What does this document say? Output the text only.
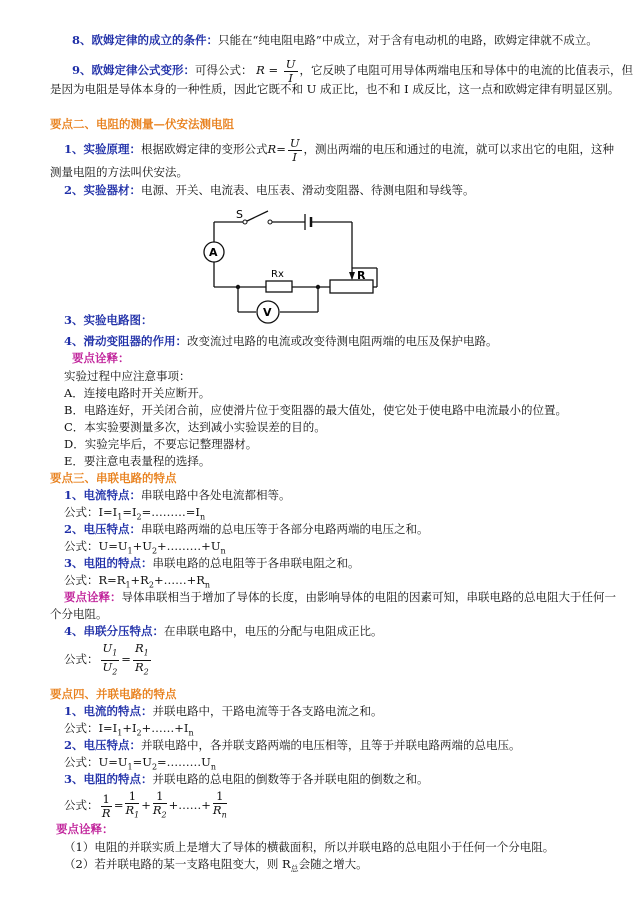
8、欧姆定律的成立的条件：只能在“纯电阻电路”中成立，对于含有电动机的电路，欧姆定律就不成立。
9、欧姆定律公式变形：可得公式： $R = \frac{U}{I}$ ，它反映了电阻可用导体两端电压和导体中的电流的比值表示，但
是因为电阻是导体本身的一种性质，因此它既不和 U 成正比，也不和 I 成反比，这一点和欧姆定律有明显区别。
要点二、电阻的测量—伏安法测电阻
1、实验原理：根据欧姆定律的变形公式$R= \frac{U}{I}$ ，测出两端的电压和通过的电流，就可以求出它的电阻，这种
测量电阻的方法叫伏安法。
2、实验器材：电源、开关、电流表、电压表、滑动变阻器、待测电阻和导线等。
S
A
Rx	R
V
3、实验电路图：
4、滑动变阻器的作用：改变流过电路的电流或改变待测电阻两端的电压及保护电路。
要点诠释：
实验过程中应注意事项：
A．连接电路时开关应断开。
B．电路连好，开关闭合前，应使滑片位于变阻器的最大值处，使它处于使电路中电流最小的位置。
C．本实验要测量多次，达到减小实验误差的目的。
D．实验完毕后，不要忘记整理器材。
E．要注意电表量程的选择。
要点三、串联电路的特点
1、电流特点：串联电路中各处电流都相等。
公式：$I=I_1=I_2=\dots\dots\dots=I_n$
2、电压特点：串联电路两端的总电压等于各部分电路两端的电压之和。
公式：$U=U_1+U_2+\dots\dots\dots+U_n$
3、电阻的特点：串联电路的总电阻等于各串联电阻之和。
公式：$R=R_1+R_2+\dots\dots+R_n$
要点诠释：导体串联相当于增加了导体的长度，由影响导体的电阻的因素可知，串联电路的总电阻大于任何一
个分电阻。
4、串联分压特点：在串联电路中，电压的分配与电阻成正比。
公式： $\frac{U_1}{U_2} = \frac{R_1}{R_2}$
要点四、并联电路的特点
1、电流的特点：并联电路中，干路电流等于各支路电流之和。
公式：$I=I_1+I_2+\dots\dots+I_n$
2、电压特点：并联电路中，各并联支路两端的电压相等，且等于并联电路两端的总电压。
公式：$U=U_1=U_2=\dots\dots\dots U_n$
3、电阻的特点：并联电路的总电阻的倒数等于各并联电阻的倒数之和。
公式： $\frac{1}{R} = \frac{1}{R_1} + \frac{1}{R_2}$ +……+ $\frac{1}{R_n}$
要点诠释：
（1）电阻的并联实质上是增大了导体的横截面积，所以并联电路的总电阻小于任何一个分电阻。
（2）若并联电路的某一支路电阻变大，则 $R_总$会随之增大。
